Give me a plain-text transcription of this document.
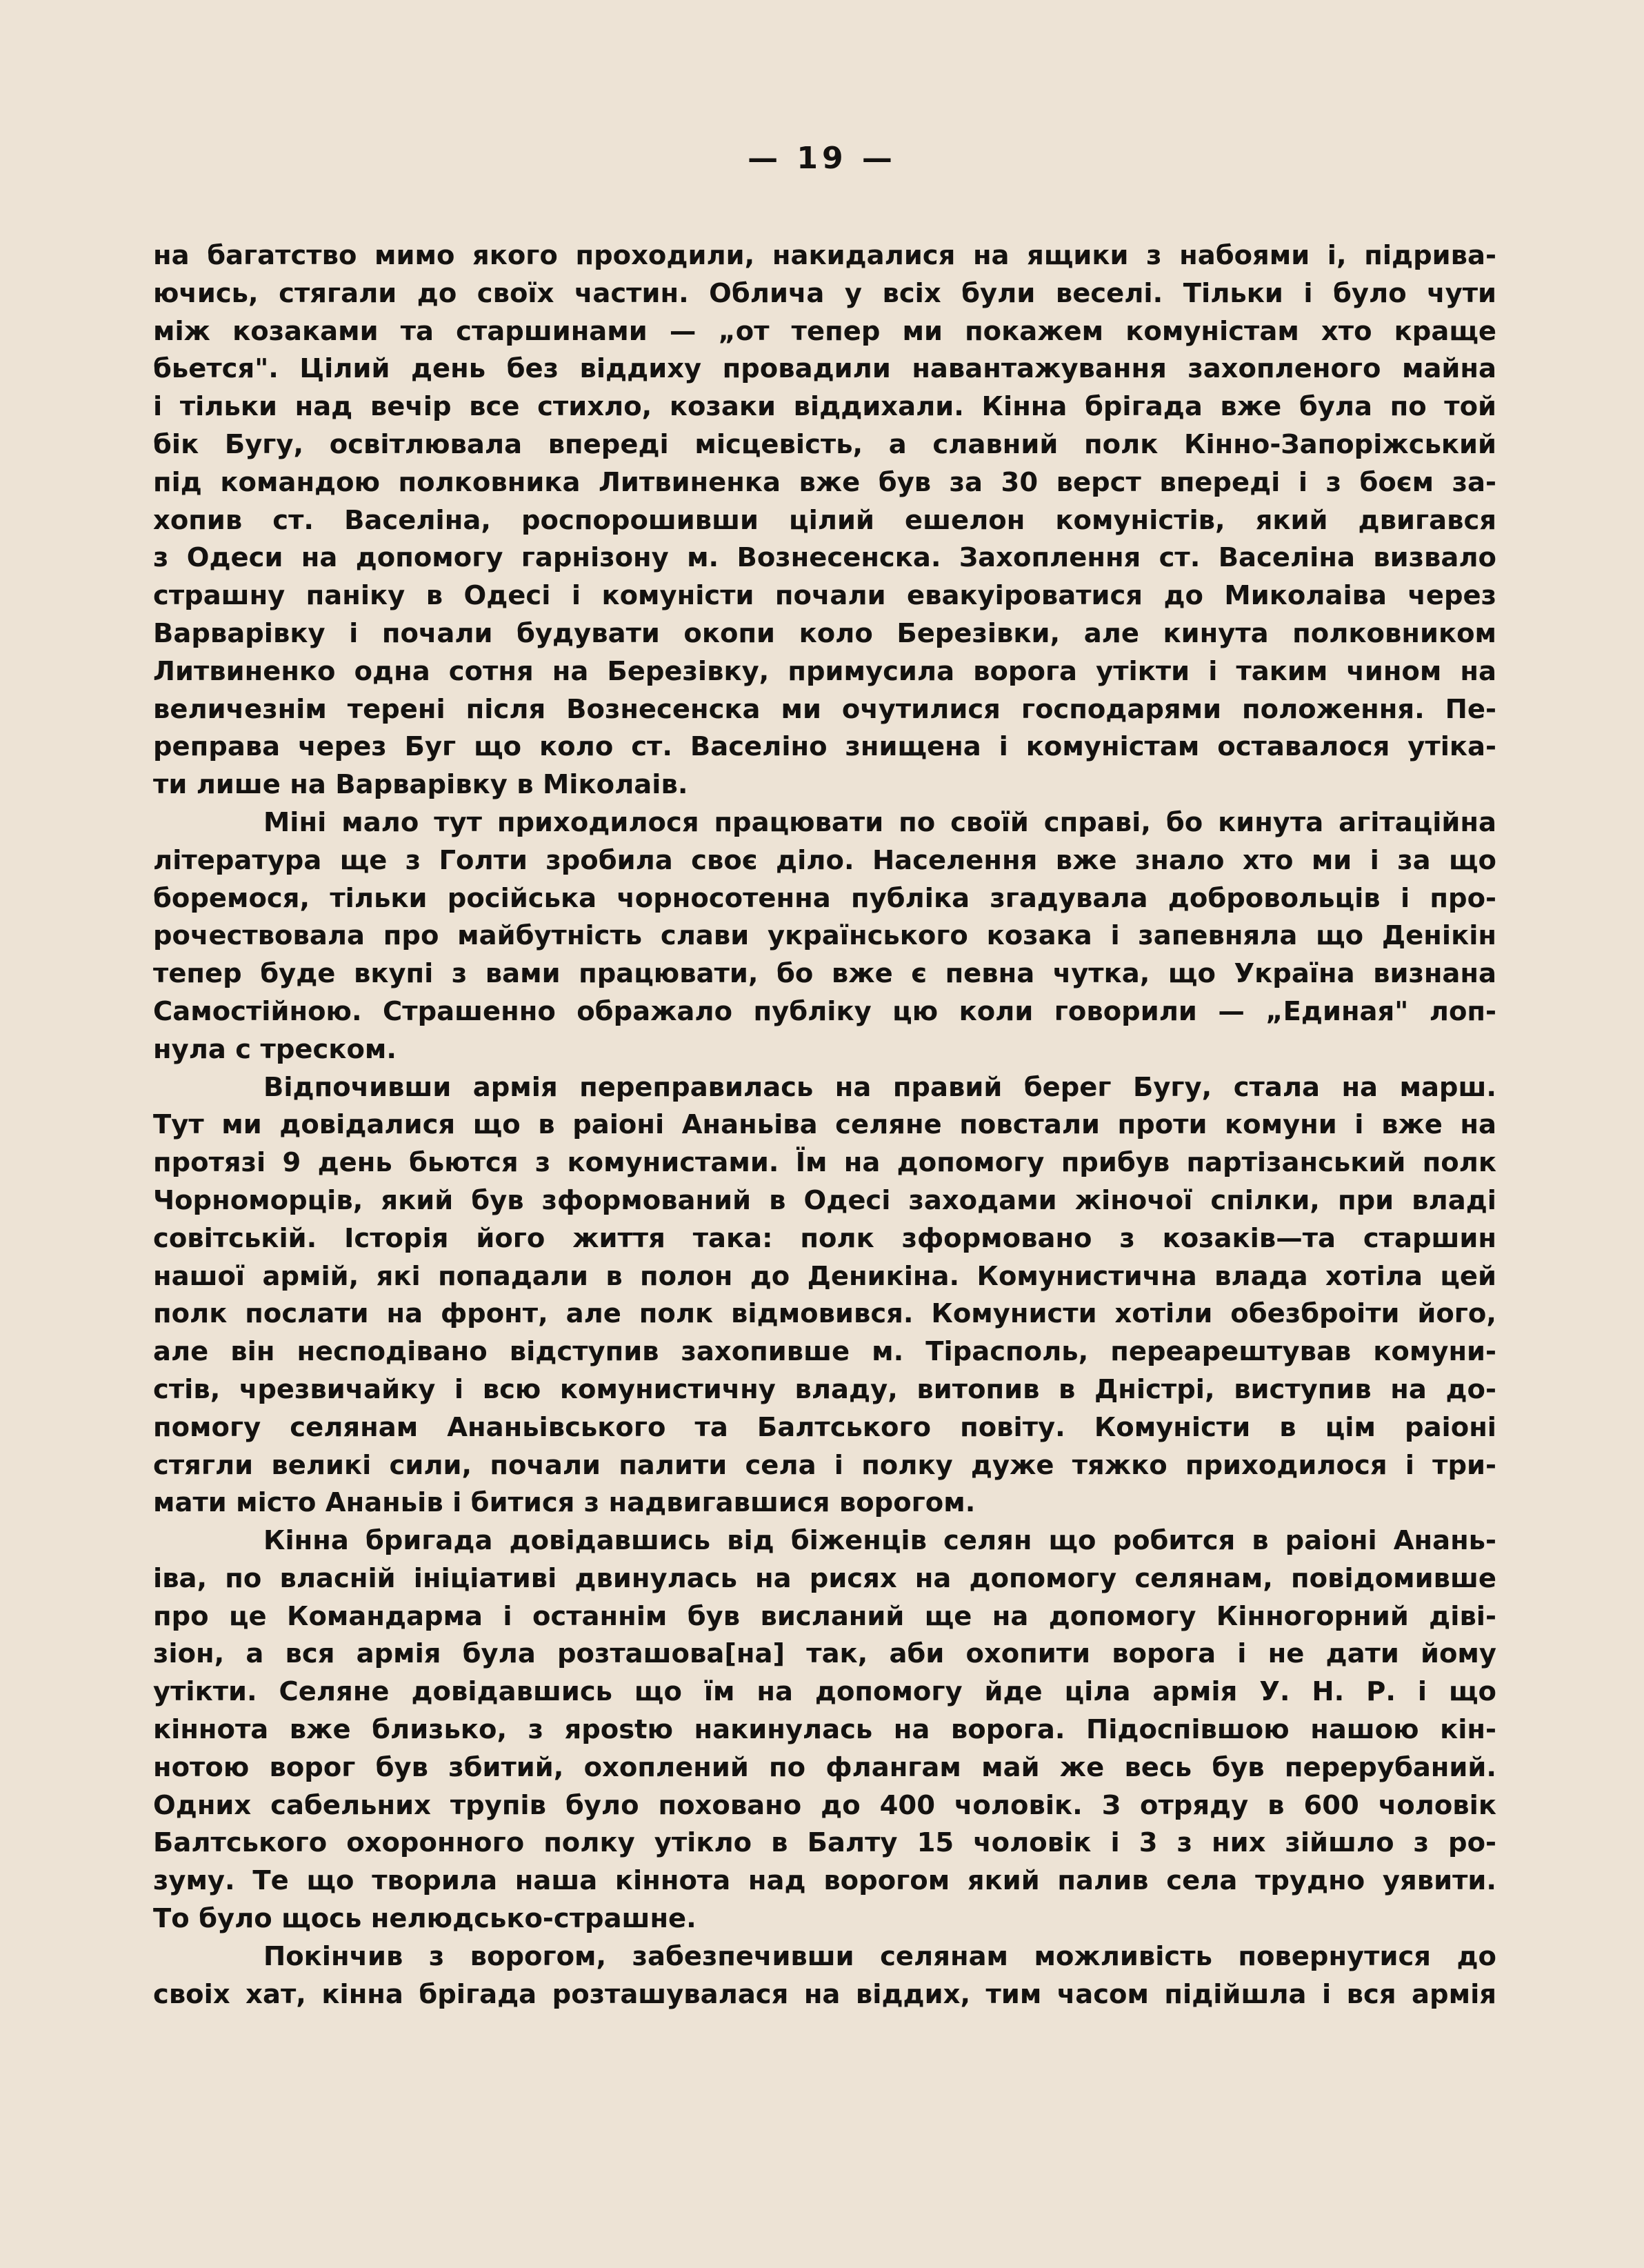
— 19 —
на багатство мимо якого проходили, накидалися на ящики з набоями і, підрива-
ючись, стягали до своїх частин. Облича у всіх були веселі. Тільки і було чути
між козаками та старшинами — „от тепер ми покажем комуністам хто краще
бьется". Цілий день без віддиху провадили навантажування захопленого майна
і тільки над вечір все стихло, козаки віддихали. Кінна брігада вже була по той
бік Бугу, освітлювала впереді місцевість, а славний полк Кінно-Запоріжський
під командою полковника Литвиненка вже був за 30 верст впереді і з боєм за-
хопив ст. Васеліна, роспорошивши цілий ешелон комуністів, який двигався
з Одеси на допомогу гарнізону м. Вознесенска. Захоплення ст. Васеліна визвало
страшну паніку в Одесі і комуністи почали евакуіроватися до Миколаіва через
Варварівку і почали будувати окопи коло Березівки, але кинута полковником
Литвиненко одна сотня на Березівку, примусила ворога утікти і таким чином на
величезнім терені після Вознесенска ми очутилися господарями положення. Пе-
реправа через Буг що коло ст. Васеліно знищена і комуністам оставалося утіка-
ти лише на Варварівку в Міколаів.
Міні мало тут приходилося працювати по своїй справі, бо кинута агітаційна
література ще з Голти зробила своє діло. Населення вже знало хто ми і за що
боремося, тільки російська чорносотенна публіка згадувала добровольців і про-
рочествовала про майбутність слави українського козака і запевняла що Денікін
тепер буде вкупі з вами працювати, бо вже є певна чутка, що Україна визнана
Самостійною. Страшенно ображало публіку цю коли говорили — „Единая" лоп-
нула с треском.
Відпочивши армія переправилась на правий берег Бугу, стала на марш.
Тут ми довідалися що в раіоні Ананьіва селяне повстали проти комуни і вже на
протязі 9 день бьются з комунистами. Їм на допомогу прибув партізанський полк
Чорноморців, який був зформований в Одесі заходами жіночої спілки, при владі
совітській. Історія його життя така: полк зформовано з козаків—та старшин
нашої армій, які попадали в полон до Деникіна. Комунистична влада хотіла цей
полк послати на фронт, але полк відмовився. Комунисти хотіли обезброіти його,
але він несподівано відступив захопивше м. Тірасполь, переарештував комуни-
стів, чрезвичайку і всю комунистичну владу, витопив в Дністрі, виступив на до-
помогу селянам Ананьівського та Балтського повіту. Комуністи в цім раіоні
стягли великі сили, почали палити села і полку дуже тяжко приходилося і три-
мати місто Ананьів і битися з надвигавшися ворогом.
Кінна бригада довідавшись від біженців селян що робится в раіоні Анань-
іва, по власній ініціативі двинулась на рисях на допомогу селянам, повідомивше
про це Командарма і останнім був висланий ще на допомогу Кінногорний дівi-
зіон, а вся армія була розташова[на] так, аби охопити ворога і не дати йому
утікти. Селяне довідавшись що їм на допомогу йде ціла армія У. Н. Р. і що
кіннота вже близько, з ярostю накинулась на ворога. Підоспівшою нашою кін-
нотою ворог був збитий, охоплений по флангам май же весь був перерубаний.
Одних сабельних трупів було поховано до 400 чоловік. З отряду в 600 чоловік
Балтського охоронного полку утікло в Балту 15 чоловік і 3 з них зійшло з ро-
зуму. Те що творила наша кіннота над ворогом який палив села трудно уявити.
То було щось нелюдсько-страшне.
Покінчив з ворогом, забезпечивши селянам можливість повернутися до
своіх хат, кінна брігада розташувалася на віддих, тим часом підійшла і вся армія
